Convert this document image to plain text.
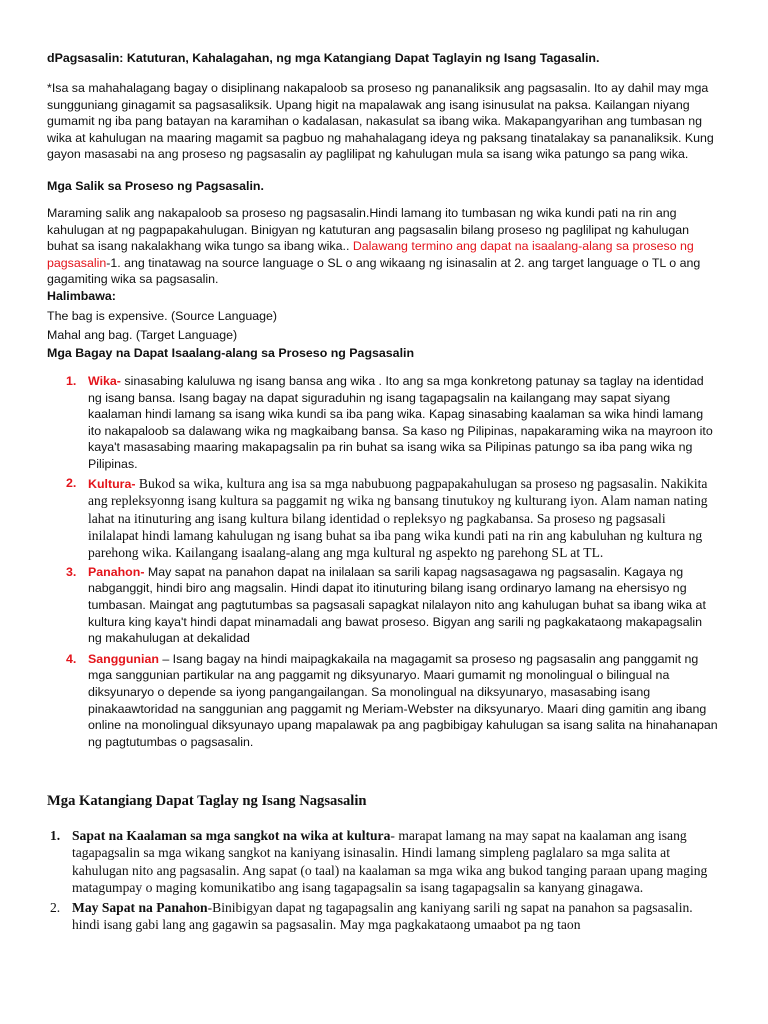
dPagsasalin: Katuturan, Kahalagahan, ng mga Katangiang Dapat Taglayin ng Isang Tagasalin.

*Isa sa mahahalagang bagay o disiplinang nakapaloob sa proseso ng pananaliksik ang pagsasalin. Ito ay dahil may mga sungguniang ginagamit sa pagsasaliksik. Upang higit na mapalawak ang isang isinusulat na paksa. Kailangan niyang gumamit ng iba pang batayan na karamihan o kadalasan, nakasulat sa ibang wika. Makapangyarihan ang tumbasan ng wika at kahulugan na maaring magamit sa pagbuo ng mahahalagang ideya ng paksang tinatalakay sa pananaliksik. Kung gayon masasabi na ang proseso ng pagsasalin ay paglilipat ng kahulugan mula sa isang wika patungo sa pang wika.

Mga Salik sa Proseso ng Pagsasalin.

Maraming salik ang nakapaloob sa proseso ng pagsasalin.Hindi lamang ito tumbasan ng wika kundi pati na rin ang kahulugan at ng pagpapakahulugan. Binigyan ng katuturan ang pagsasalin bilang proseso ng paglilipat ng kahulugan buhat sa isang nakalakhang wika tungo sa ibang wika.. Dalawang termino ang dapat na isaalang-alang sa proseso ng pagsasalin-1. ang tinatawag na source language o SL o ang wikaang ng isinasalin at 2. ang target language o TL o ang gagamiting wika sa pagsasalin.

Halimbawa:

The bag is expensive. (Source Language)

Mahal ang bag. (Target Language)

Mga Bagay na Dapat Isaalang-alang sa Proseso ng Pagsasalin

1. Wika- sinasabing kaluluwa ng isang bansa ang wika . Ito ang sa mga konkretong patunay sa taglay na identidad ng isang bansa. Isang bagay na dapat siguraduhin ng isang tagapagsalin na kailangang may sapat siyang kaalaman hindi lamang sa isang wika kundi sa iba pang wika. Kapag sinasabing kaalaman sa wika hindi lamang ito nakapaloob sa dalawang wika ng magkaibang bansa. Sa kaso ng Pilipinas, napakaraming wika na mayroon ito kaya't masasabing maaring makapagsalin pa rin buhat sa isang wika sa Pilipinas patungo sa iba pang wika ng Pilipinas.
2. Kultura- Bukod sa wika, kultura ang isa sa mga nabubuong pagpapakahulugan sa proseso ng pagsasalin. Nakikita ang repleksyonng isang kultura sa paggamit ng wika ng bansang tinutukoy ng kulturang iyon. Alam naman nating lahat na itinuturing ang isang kultura bilang identidad o repleksyo ng pagkabansa. Sa proseso ng pagsasali inilalapat hindi lamang kahulugan ng isang buhat sa iba pang wika kundi pati na rin ang kabuluhan ng kultura ng parehong wika. Kailangang isaalang-alang ang mga kultural ng aspekto ng parehong SL at TL.
3. Panahon- May sapat na panahon dapat na inilalaan sa sarili kapag nagsasagawa ng pagsasalin. Kagaya ng nabganggit, hindi biro ang magsalin. Hindi dapat ito itinuturing bilang isang ordinaryo lamang na ehersisyo ng tumbasan. Maingat ang pagtutumbas sa pagsasali sapagkat nilalayon nito ang kahulugan buhat sa ibang wika at kultura king kaya't hindi dapat minamadali ang bawat proseso. Bigyan ang sarili ng pagkakataong makapagsalin ng makahulugan at dekalidad
4. Sanggunian – Isang bagay na hindi maipagkakaila na magagamit sa proseso ng pagsasalin ang panggamit ng mga sanggunian partikular na ang paggamit ng diksyunaryo. Maari gumamit ng monolingual o bilingual na diksyunaryo o depende sa iyong pangangailangan. Sa monolingual na diksyunaryo, masasabing isang pinakaawtoridad na sanggunian ang paggamit ng Meriam-Webster na diksyunaryo. Maari ding gamitin ang ibang online na monolingual diksyunayo upang mapalawak pa ang pagbibigay kahulugan sa isang salita na hinahanapan ng pagtutumbas o pagsasalin.

Mga Katangiang Dapat Taglay ng Isang Nagsasalin

1. Sapat na Kaalaman sa mga sangkot na wika at kultura- marapat lamang na may sapat na kaalaman ang isang tagapagsalin sa mga wikang sangkot na kaniyang isinasalin. Hindi lamang simpleng paglalaro sa mga salita at kahulugan nito ang pagsasalin. Ang sapat (o taal) na kaalaman sa mga wika ang bukod tanging paraan upang maging matagumpay o maging komunikatibo ang isang tagapagsalin sa isang tagapagsalin sa kanyang ginagawa.
2. May Sapat na Panahon-Binibigyan dapat ng tagapagsalin ang kaniyang sarili ng sapat na panahon sa pagsasalin. hindi isang gabi lang ang gagawin sa pagsasalin. May mga pagkakataong umaabot pa ng taon
